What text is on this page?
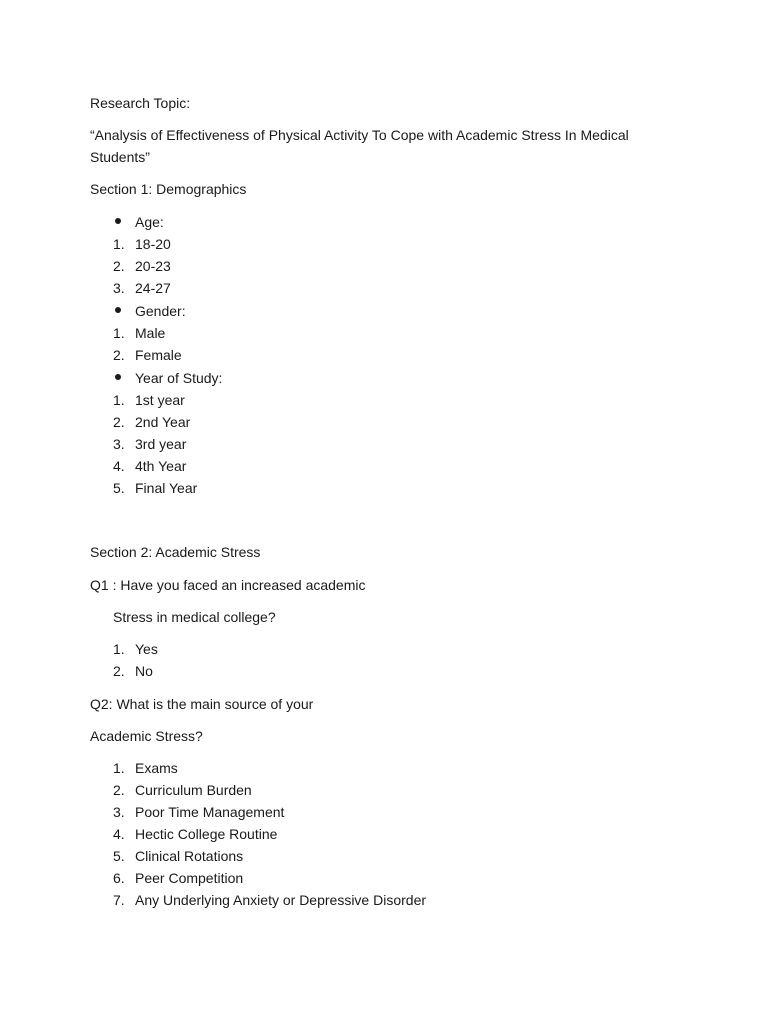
Research Topic:
“Analysis of Effectiveness of Physical Activity To Cope with Academic Stress In Medical Students”
Section 1: Demographics
Age:
1. 18-20
2. 20-23
3. 24-27
Gender:
1. Male
2. Female
Year of Study:
1. 1st year
2. 2nd Year
3. 3rd year
4. 4th Year
5. Final Year
Section 2: Academic Stress
Q1 : Have you faced an increased academic
Stress in medical college?
1. Yes
2. No
Q2: What is the main source of your
Academic Stress?
1. Exams
2. Curriculum Burden
3. Poor Time Management
4. Hectic College Routine
5. Clinical Rotations
6. Peer Competition
7. Any Underlying Anxiety or Depressive Disorder
